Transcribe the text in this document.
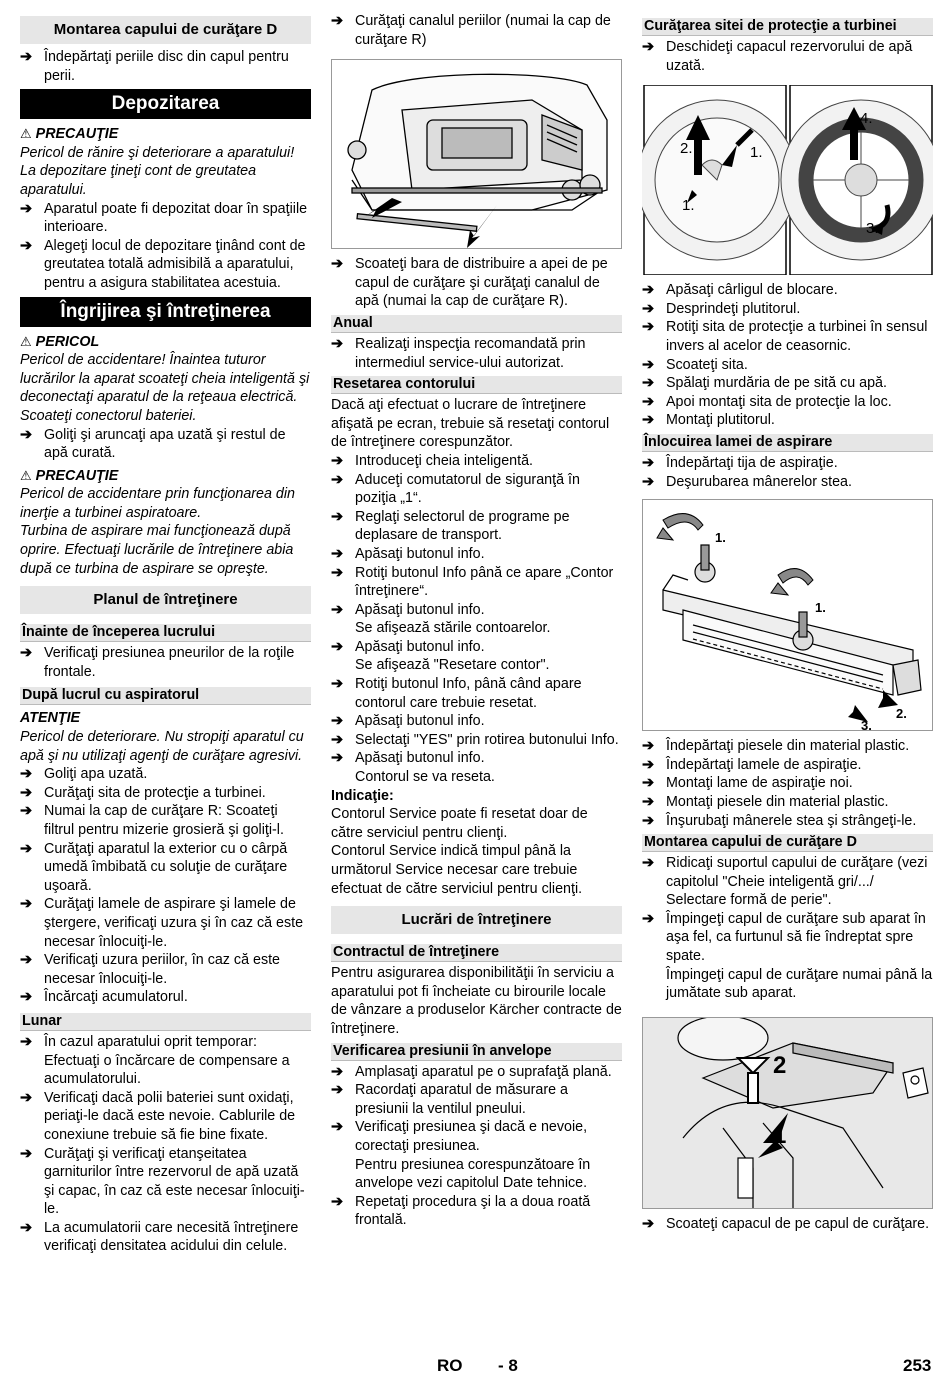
Montarea capului de curăţare D
➔ Îndepărtaţi periile disc din capul pentru perii.
Depozitarea
⚠ PRECAUŢIE
Pericol de rănire şi deteriorare a aparatului! La depozitare ţineţi cont de greutatea aparatului.
➔ Aparatul poate fi depozitat doar în spaţiile interioare.
➔ Alegeţi locul de depozitare ţinând cont de greutatea totală admisibilă a aparatului, pentru a asigura stabilitatea acestuia.
Îngrijirea şi întreţinerea
⚠ PERICOL
Pericol de accidentare! Înaintea tuturor lucrărilor la aparat scoateţi cheia inteligentă şi deconectaţi aparatul de la reţeaua electrică.
Scoateţi conectorul bateriei.
➔ Goliţi şi aruncaţi apa uzată şi restul de apă curată.
⚠ PRECAUŢIE
Pericol de accidentare prin funcţionarea din inerţie a turbinei aspiratoare.
Turbina de aspirare mai funcţionează după oprire. Efectuaţi lucrările de întreţinere abia după ce turbina de aspirare se opreşte.
Planul de întreţinere
Înainte de începerea lucrului
➔ Verificaţi presiunea pneurilor de la roţile frontale.
După lucrul cu aspiratorul
ATENŢIE
Pericol de deteriorare. Nu stropiţi aparatul cu apă şi nu utilizaţi agenţi de curăţare agresivi.
➔ Goliţi apa uzată.
➔ Curăţaţi sita de protecţie a turbinei.
➔ Numai la cap de curăţare R: Scoateţi filtrul pentru mizerie grosieră şi goliţi-l.
➔ Curăţaţi aparatul la exterior cu o cârpă umedă îmbibată cu soluţie de curăţare uşoară.
➔ Curăţaţi lamele de aspirare şi lamele de ştergere, verificaţi uzura şi în caz că este necesar înlocuiţi-le.
➔ Verificaţi uzura periilor, în caz că este necesar înlocuiţi-le.
➔ Încărcaţi acumulatorul.
Lunar
➔ În cazul aparatului oprit temporar: Efectuaţi o încărcare de compensare a acumulatorului.
➔ Verificaţi dacă polii bateriei sunt oxidaţi, periaţi-le dacă este nevoie. Cablurile de conexiune trebuie să fie bine fixate.
➔ Curăţaţi şi verificaţi etanşeitatea garniturilor între rezervorul de apă uzată şi capac, în caz că este necesar înlocuiţi-le.
➔ La acumulatorii care necesită întreţinere verificaţi densitatea acidului din celule.
➔ Curăţaţi canalul periilor (numai la cap de curăţare R)
➔ Scoateţi bara de distribuire a apei de pe capul de curăţare şi curăţaţi canalul de apă (numai la cap de curăţare R).
Anual
➔ Realizaţi inspecţia recomandată prin intermediul service-ului autorizat.
Resetarea contorului
Dacă aţi efectuat o lucrare de întreţinere afişată pe ecran, trebuie să resetaţi contorul de întreţinere corespunzător.
➔ Introduceţi cheia inteligentă.
➔ Aduceţi comutatorul de siguranţă în poziţia „1“.
➔ Reglaţi selectorul de programe pe deplasare de transport.
➔ Apăsaţi butonul info.
➔ Rotiţi butonul Info până ce apare „Contor întreţinere“.
➔ Apăsaţi butonul info.
Se afişează stările contoarelor.
➔ Apăsaţi butonul info.
Se afişează "Resetare contor".
➔ Rotiţi butonul Info, până când apare contorul care trebuie resetat.
➔ Apăsaţi butonul info.
➔ Selectaţi "YES" prin rotirea butonului Info.
➔ Apăsaţi butonul info.
Contorul se va reseta.
Indicaţie:
Contorul Service poate fi resetat doar de către serviciul pentru clienţi.
Contorul Service indică timpul până la următorul Service necesar care trebuie efectuat de către serviciul pentru clienţi.
Lucrări de întreţinere
Contractul de întreţinere
Pentru asigurarea disponibilităţii în serviciu a aparatului pot fi încheiate cu birourile locale de vânzare a produselor Kärcher contracte de întreţinere.
Verificarea presiunii în anvelope
➔ Amplasaţi aparatul pe o suprafaţă plană.
➔ Racordaţi aparatul de măsurare a presiunii la ventilul pneului.
➔ Verificaţi presiunea şi dacă e nevoie, corectaţi presiunea.
Pentru presiunea corespunzătoare în anvelope vezi capitolul Date tehnice.
➔ Repetaţi procedura şi la a doua roată frontală.
Curăţarea sitei de protecţie a turbinei
➔ Deschideţi capacul rezervorului de apă uzată.
2.	1.
1.
4.
3.
➔ Apăsaţi cârligul de blocare.
➔ Desprindeţi plutitorul.
➔ Rotiţi sita de protecţie a turbinei în sensul invers al acelor de ceasornic.
➔ Scoateţi sita.
➔ Spălaţi murdăria de pe sită cu apă.
➔ Apoi montaţi sita de protecţie la loc.
➔ Montaţi plutitorul.
Înlocuirea lamei de aspirare
➔ Îndepărtaţi tija de aspiraţie.
➔ Deşurubarea mânerelor stea.
1.
1.
2.
3.
➔ Îndepărtaţi piesele din material plastic.
➔ Îndepărtaţi lamele de aspiraţie.
➔ Montaţi lame de aspiraţie noi.
➔ Montaţi piesele din material plastic.
➔ Înşurubaţi mânerele stea şi strângeţi-le.
Montarea capului de curăţare D
➔ Ridicaţi suportul capului de curăţare (vezi capitolul "Cheie inteligentă gri/.../ Selectare formă de perie".
➔ Împingeţi capul de curăţare sub aparat în aşa fel, ca furtunul să fie îndreptat spre spate.
Împingeţi capul de curăţare numai până la jumătate sub aparat.
2
1
➔ Scoateţi capacul de pe capul de curăţare.
RO - 8	253
